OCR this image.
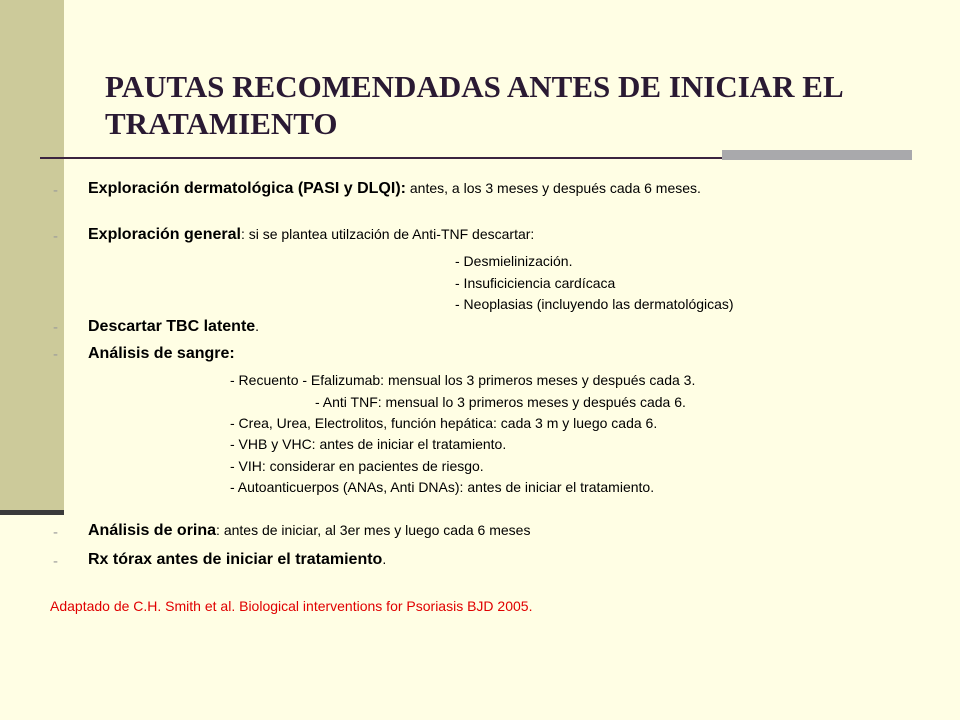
PAUTAS RECOMENDADAS ANTES DE INICIAR EL
TRATAMIENTO
-
-
-
-
-
-
Exploración dermatológica (PASI y DLQI): antes, a los 3 meses y después cada 6 meses.
Exploración general: si se plantea utilzación de Anti-TNF descartar:
- Desmielinización.
- Insuficiciencia cardícaca
- Neoplasias (incluyendo las dermatológicas)
Descartar TBC latente.
Análisis de sangre:
- Recuento - Efalizumab: mensual los 3 primeros meses y después cada 3.
- Anti TNF: mensual lo 3 primeros meses y después cada 6.
- Crea, Urea, Electrolitos, función hepática: cada 3 m y luego cada 6.
- VHB y VHC: antes de iniciar el tratamiento.
- VIH: considerar en pacientes de riesgo.
- Autoanticuerpos (ANAs, Anti DNAs): antes de iniciar el tratamiento.
Análisis de orina: antes de iniciar, al 3er mes y luego cada 6 meses
Rx tórax antes de iniciar el tratamiento.
Adaptado de C.H. Smith et al. Biological interventions for Psoriasis BJD 2005.
